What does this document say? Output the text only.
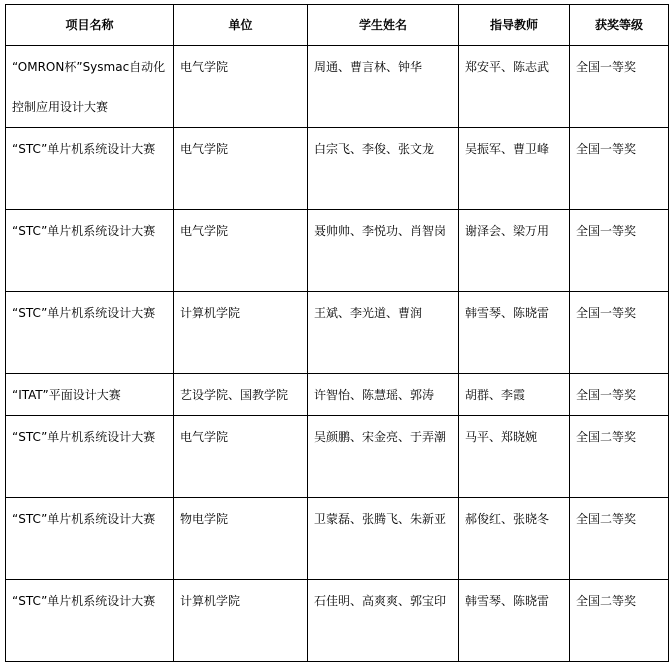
项目名称	单位	学生姓名	指导教师	获奖等级
“OMRON杯”Sysmac自动化控制应用设计大赛	电气学院	周通、曹言林、钟华	郑安平、陈志武	全国一等奖
“STC”单片机系统设计大赛	电气学院	白宗飞、李俊、张文龙	吴振军、曹卫峰	全国一等奖
“STC”单片机系统设计大赛	电气学院	聂帅帅、李悦功、肖智岗	谢泽会、梁万用	全国一等奖
“STC”单片机系统设计大赛	计算机学院	王斌、李光道、曹润	韩雪琴、陈晓雷	全国一等奖
“ITAT”平面设计大赛	艺设学院、国教学院	许智怡、陈慧瑶、郭涛	胡群、李霞	全国一等奖
“STC”单片机系统设计大赛	电气学院	吴颜鹏、宋金亮、于弄潮	马平、郑晓婉	全国二等奖
“STC”单片机系统设计大赛	物电学院	卫蒙磊、张腾飞、朱新亚	郝俊红、张晓冬	全国二等奖
“STC”单片机系统设计大赛	计算机学院	石佳明、高爽爽、郭宝印	韩雪琴、陈晓雷	全国二等奖
